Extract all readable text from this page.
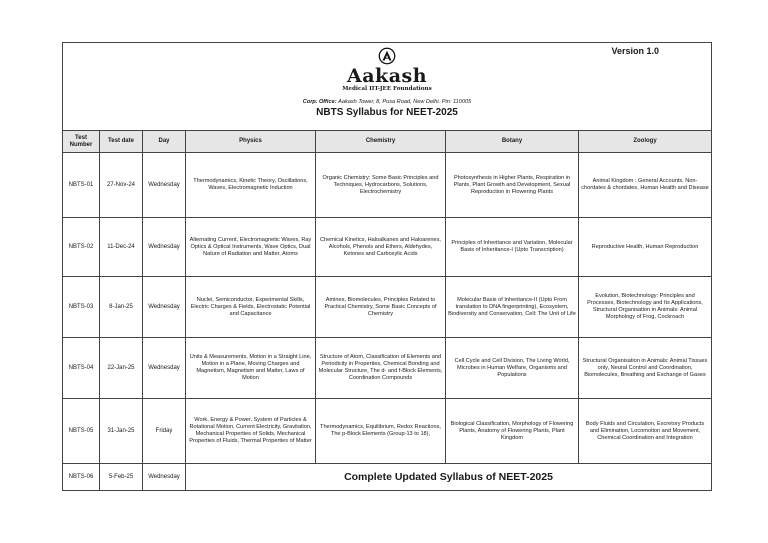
Version 1.0
Aakash
Medical IIT-JEE Foundations
Corp. Office: Aakash Tower, 8, Pusa Road, New Delhi. Pin: 110005
NBTS Syllabus for NEET-2025						

Test Number	Test date	Day	Physics	Chemistry	Botany	Zoology
NBTS-01	27-Nov-24	Wednesday	Thermodynamics, Kinetic Theory, Oscillations, Waves, Electromagnetic Induction	Organic Chemistry: Some Basic Principles and Techniques, Hydrocarbons, Solutions, Electrochemistry	Photosynthesis in Higher Plants, Respiration in Plants, Plant Growth and Development, Sexual Reproduction in Flowering Plants	Animal Kingdom : General Accounts, Non-chordates & chordates, Human Health and Disease
NBTS-02	11-Dec-24	Wednesday	Alternating Current, Electromagnetic Waves, Ray Optics & Optical Instruments, Wave Optics, Dual Nature of Radiation and Matter, Atoms	Chemical Kinetics, Haloalkanes and Haloarenes, Alcohols, Phenols and Ethers, Aldehydes, Ketones and Carboxylic Acids	Principles of Inheritance and Variation, Molecular Basis of Inheritance-I (Upto Transcription)	Reproductive Health, Human Reproduction
NBTS-03	8-Jan-25	Wednesday	Nuclei, Semiconductor, Experimental Skills, Electric Charges & Fields, Electrostatic Potential and Capacitance	Amines, Biomolecules, Principles Related to Practical Chemistry, Some Basic Concepts of Chemistry	Molecular Basis of Inheritance-II (Upto From translation to DNA fingerprinting), Ecosystem, Biodiversity and Conservation, Cell: The Unit of Life	Evolution, Biotechnology: Principles and Processes, Biotechnology and Its Applications, Structural Organisation in Animals: Animal Morphology of Frog, Cockroach
NBTS-04	22-Jan-25	Wednesday	Units & Measurements, Motion in a Straight Line, Motion in a Plane, Moving Charges and Magnetism, Magnetism and Matter, Laws of Motion	Structure of Atom, Classification of Elements and Periodicity in Properties, Chemical Bonding and Molecular Structure, The d- and f-Block Elements, Coordination Compounds	Cell Cycle and Cell Division, The Living World, Microbes in Human Welfare, Organisms and Populations	Structural Organisation in Animals: Animal Tissues only, Neural Control and Coordination, Biomolecules, Breathing and Exchange of Gases
NBTS-05	31-Jan-25	Friday	Work, Energy & Power, System of Particles & Rotational Motion, Current Electricity, Gravitation, Mechanical Properties of Solids, Mechanical Properties of Fluids, Thermal Properties of Matter	Thermodynamics, Equilibrium, Redox Reactions, The p-Block Elements (Group-13 to 18),	Biological Classification, Morphology of Flowering Plants, Anatomy of Flowering Plants, Plant Kingdom	Body Fluids and Circulation, Excretory Products and Elimination, Locomotion and Movement, Chemical Coordination and Integration
NBTS-06	5-Feb-25	Wednesday	Complete Updated Syllabus of NEET-2025			
